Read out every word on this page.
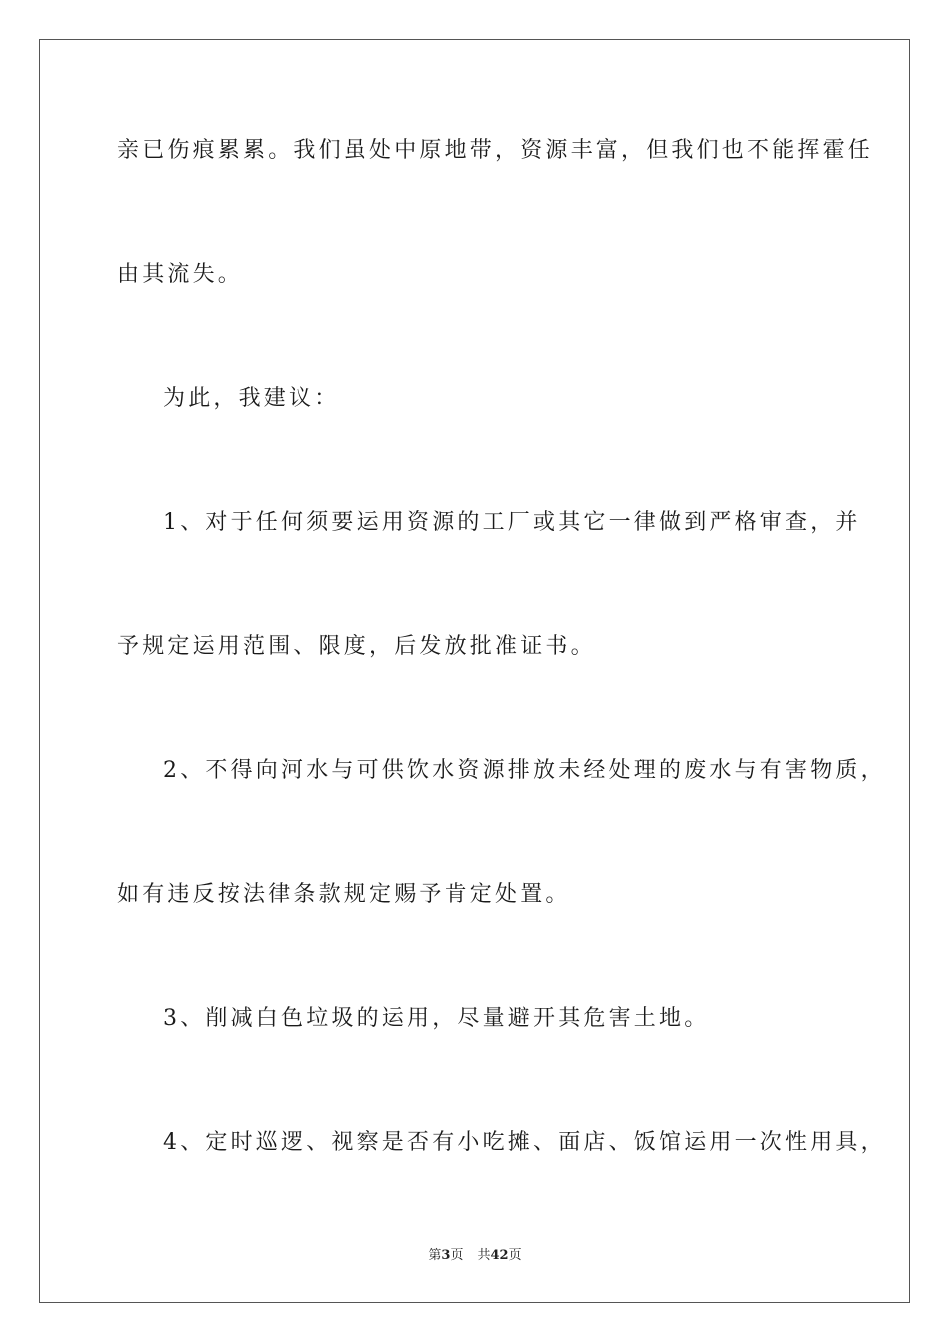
亲已伤痕累累。我们虽处中原地带，资源丰富，但我们也不能挥霍任
由其流失。
为此，我建议：
1、对于任何须要运用资源的工厂或其它一律做到严格审查，并
予规定运用范围、限度，后发放批准证书。
2、不得向河水与可供饮水资源排放未经处理的废水与有害物质，
如有违反按法律条款规定赐予肯定处置。
3、削减白色垃圾的运用，尽量避开其危害土地。
4、定时巡逻、视察是否有小吃摊、面店、饭馆运用一次性用具，
第3页 共42页
